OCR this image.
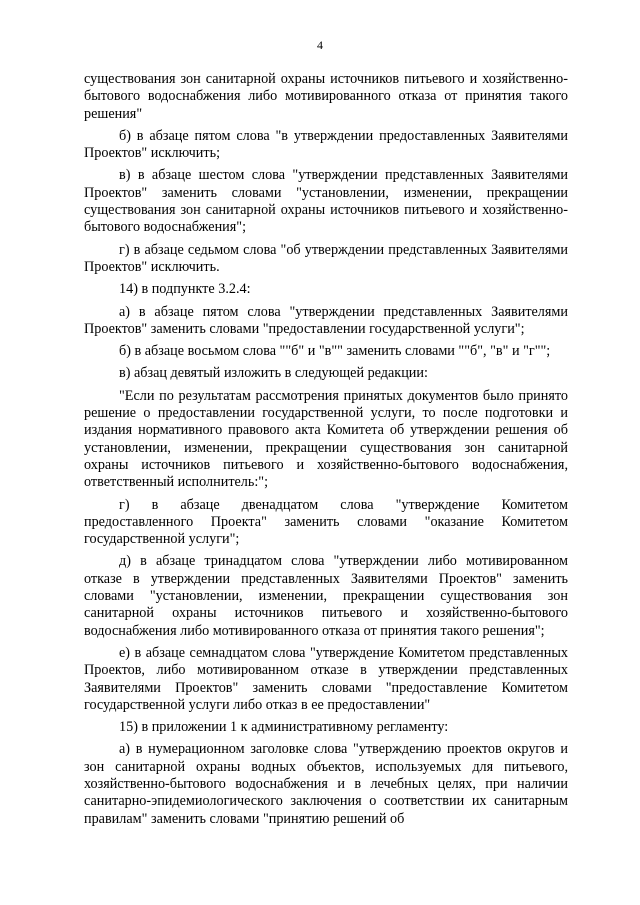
4

существования зон санитарной охраны источников питьевого и хозяйственно-бытового водоснабжения либо мотивированного отказа от принятия такого решения"

б) в абзаце пятом слова "в утверждении предоставленных Заявителями Проектов" исключить;

в) в абзаце шестом слова "утверждении представленных Заявителями Проектов" заменить словами "установлении, изменении, прекращении существования зон санитарной охраны источников питьевого и хозяйственно-бытового водоснабжения";

г) в абзаце седьмом слова "об утверждении представленных Заявителями Проектов" исключить.

14) в подпункте 3.2.4:

а) в абзаце пятом слова "утверждении представленных Заявителями Проектов" заменить словами "предоставлении государственной услуги";

б) в абзаце восьмом слова ""б" и "в"" заменить словами ""б", "в" и "г"";

в) абзац девятый изложить в следующей редакции:

"Если по результатам рассмотрения принятых документов было принято решение о предоставлении государственной услуги, то после подготовки и издания нормативного правового акта Комитета об утверждении решения об установлении, изменении, прекращении существования зон санитарной охраны источников питьевого и хозяйственно-бытового водоснабжения, ответственный исполнитель:";

г) в абзаце двенадцатом слова "утверждение Комитетом предоставленного Проекта" заменить словами "оказание Комитетом государственной услуги";

д) в абзаце тринадцатом слова "утверждении либо мотивированном отказе в утверждении представленных Заявителями Проектов" заменить словами "установлении, изменении, прекращении существования зон санитарной охраны источников питьевого и хозяйственно-бытового водоснабжения либо мотивированного отказа от принятия такого решения";

е) в абзаце семнадцатом слова "утверждение Комитетом представленных Проектов, либо мотивированном отказе в утверждении представленных Заявителями Проектов" заменить словами "предоставление Комитетом государственной услуги либо отказ в ее предоставлении"

15) в приложении 1 к административному регламенту:

а) в нумерационном заголовке слова "утверждению проектов округов и зон санитарной охраны водных объектов, используемых для питьевого, хозяйственно-бытового водоснабжения и в лечебных целях, при наличии санитарно-эпидемиологического заключения о соответствии их санитарным правилам" заменить словами "принятию решений об
